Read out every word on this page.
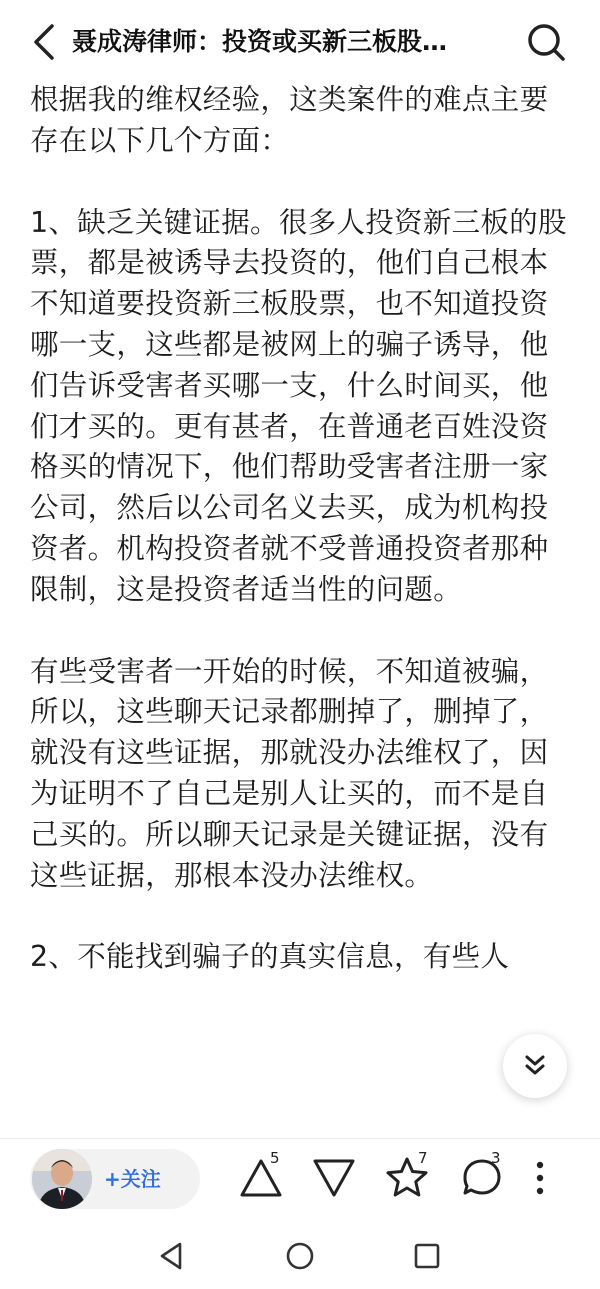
聂成涛律师：投资或买新三板股…

根据我的维权经验，这类案件的难点主要存在以下几个方面：

1、缺乏关键证据。很多人投资新三板的股票，都是被诱导去投资的，他们自己根本不知道要投资新三板股票，也不知道投资哪一支，这些都是被网上的骗子诱导，他们告诉受害者买哪一支，什么时间买，他们才买的。更有甚者，在普通老百姓没资格买的情况下，他们帮助受害者注册一家公司，然后以公司名义去买，成为机构投资者。机构投资者就不受普通投资者那种限制，这是投资者适当性的问题。

有些受害者一开始的时候，不知道被骗，所以，这些聊天记录都删掉了，删掉了，就没有这些证据，那就没办法维权了，因为证明不了自己是别人让买的，而不是自己买的。所以聊天记录是关键证据，没有这些证据，那根本没办法维权。

2、不能找到骗子的真实信息，有些人

+关注
5	7	3
